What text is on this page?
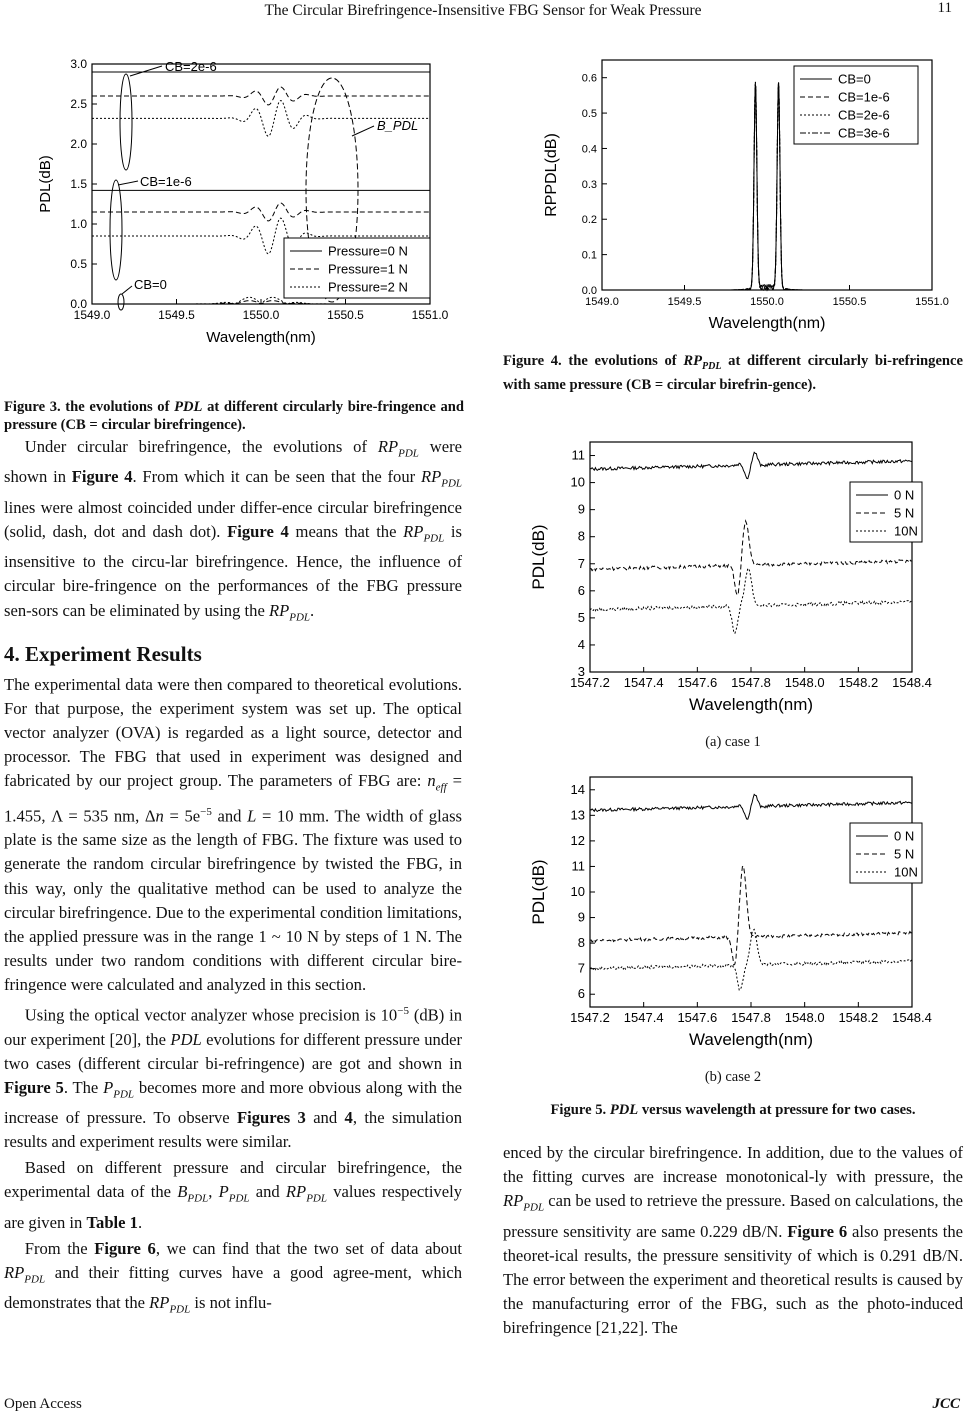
The Circular Birefringence-Insensitive FBG Sensor for Weak Pressure	11
1549.0	1549.5	1550.0	1550.5	1551.0
0.0
0.5
1.0
1.5
2.0
2.5
3.0
Wavelength(nm)
PDL(dB)
CB=2e-6
CB=1e-6
CB=0
B_PDL
Pressure=0 N
Pressure=1 N
Pressure=2 N
Figure 3. the evolutions of PDL at different circularly bire-fringence and pressure (CB = circular birefringence).
1549.0	1549.5	1550.0	1550.5	1551.0
0.0
0.1
0.2
0.3
0.4
0.5
0.6
Wavelength(nm)
RPPDL(dB)
CB=0
CB=1e-6
CB=2e-6
CB=3e-6
Figure 4. the evolutions of $RP_{PDL}$ at different circularly bi-refringence with same pressure (CB = circular birefrin-gence).
1547.2 1547.4 1547.6 1547.8 1548.0 1548.2 1548.4
3
4
5
6
7
8
9
10
11
Wavelength(nm)
PDL(dB)
0 N
5 N
10N
(a) case 1
1547.2 1547.4 1547.6 1547.8 1548.0 1548.2 1548.4
6
7
8
9
10
11
12
13
14
Wavelength(nm)
PDL(dB)
0 N
5 N
10N
(b) case 2
Figure 5. PDL versus wavelength at pressure for two cases.

Under circular birefringence, the evolutions of $RP_{PDL}$ were shown in Figure 4. From which it can be seen that the four $RP_{PDL}$ lines were almost coincided under differ-ence circular birefringence (solid, dash, dot and dash dot). Figure 4 means that the $RP_{PDL}$ is insensitive to the circu-lar birefringence. Hence, the influence of circular bire-fringence on the performances of the FBG pressure sen-sors can be eliminated by using the $RP_{PDL}$.

4. Experiment Results

The experimental data were then compared to theoretical evolutions. For that purpose, the experiment system was set up. The optical vector analyzer (OVA) is regarded as a light source, detector and processor. The FBG that used in experiment was designed and fabricated by our project group. The parameters of FBG are: $n_{eff} = 1.455$, Λ = 535 nm, $\Delta n = 5e^{-5}$ and L = 10 mm. The width of glass plate is the same size as the length of FBG. The fixture was used to generate the random circular birefringence by twisted the FBG, in this way, only the qualitative method can be used to analyze the circular birefringence. Due to the experimental condition limitations, the applied pressure was in the range 1 ~ 10 N by steps of 1 N. The results under two random conditions with different circular bire-fringence were calculated and analyzed in this section.

Using the optical vector analyzer whose precision is $10^{-5}$ (dB) in our experiment [20], the PDL evolutions for different pressure under two cases (different circular bi-refringence) are got and shown in Figure 5. The $P_{PDL}$ becomes more and more obvious along with the increase of pressure. To observe Figures 3 and 4, the simulation results and experiment results were similar.

Based on different pressure and circular birefringence, the experimental data of the $B_{PDL}$, $P_{PDL}$ and $RP_{PDL}$ values respectively are given in Table 1.

From the Figure 6, we can find that the two set of data about $RP_{PDL}$ and their fitting curves have a good agree-ment, which demonstrates that the $RP_{PDL}$ is not influ-

enced by the circular birefringence. In addition, due to the values of the fitting curves are increase monotonical-ly with pressure, the $RP_{PDL}$ can be used to retrieve the pressure. Based on calculations, the pressure sensitivity are same 0.229 dB/N. Figure 6 also presents the theoret-ical results, the pressure sensitivity of which is 0.291 dB/N. The error between the experiment and theoretical results is caused by the manufacturing error of the FBG, such as the photo-induced birefringence [21,22]. The

Open Access	JCC
